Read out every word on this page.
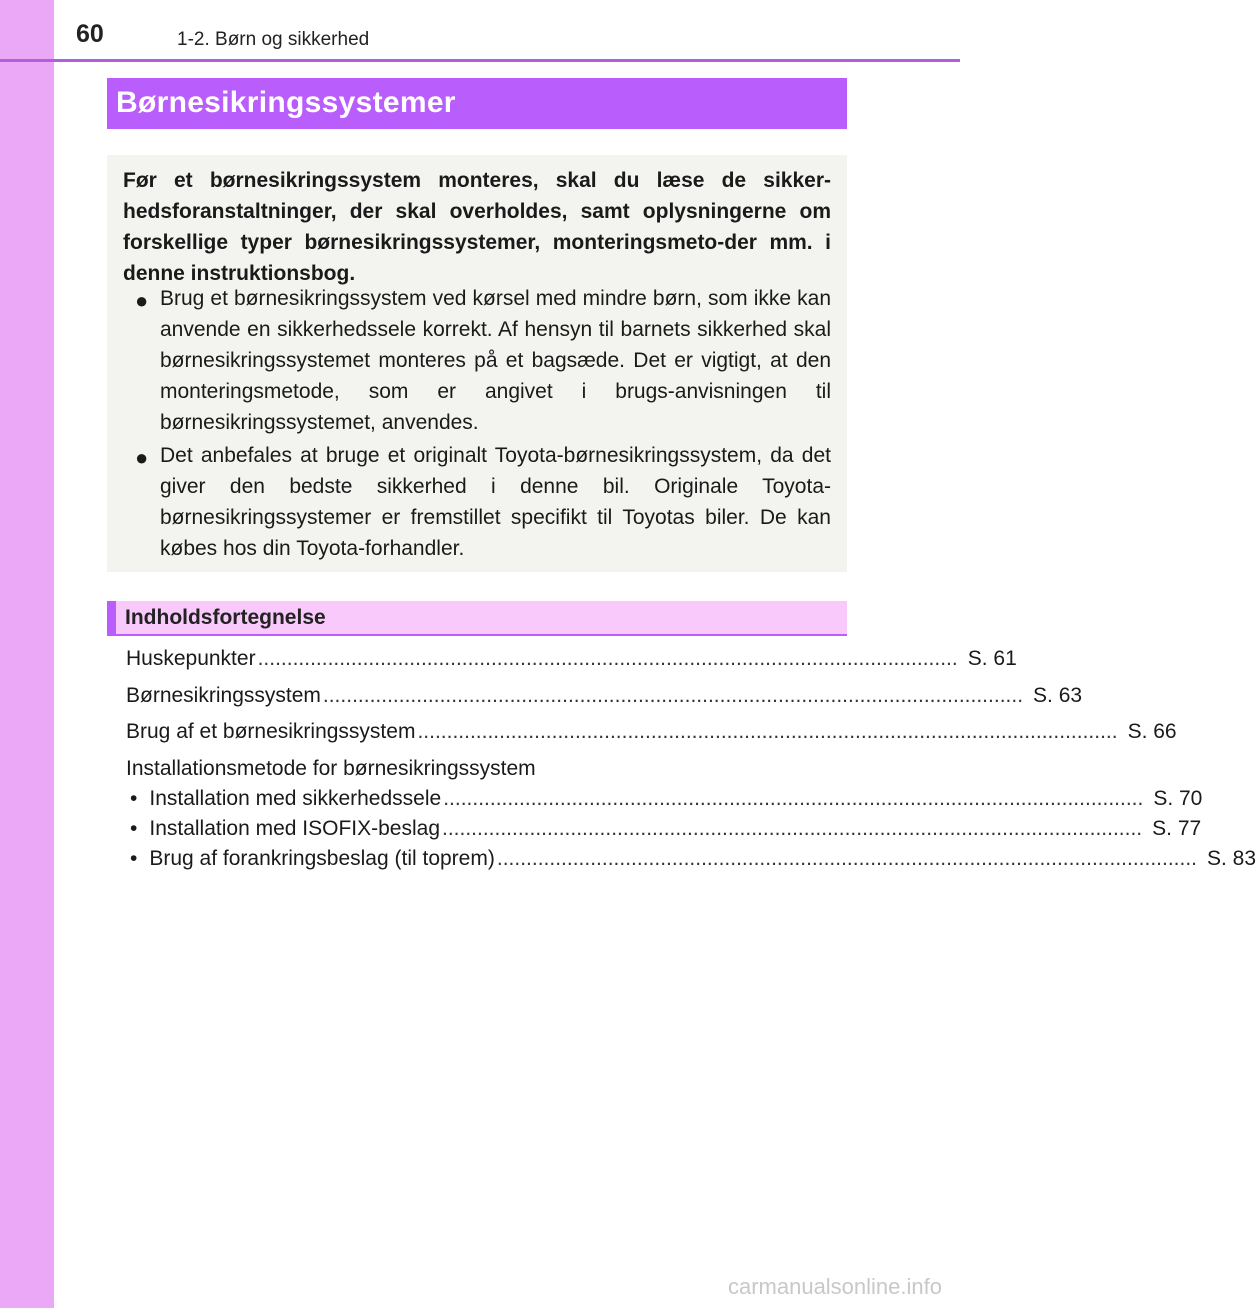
60	1-2. Børn og sikkerhed
Børnesikringssystemer
Før et børnesikringssystem monteres, skal du læse de sikker-hedsforanstaltninger, der skal overholdes, samt oplysningerne om forskellige typer børnesikringssystemer, monteringsmeto-der mm. i denne instruktionsbog.
● Brug et børnesikringssystem ved kørsel med mindre børn, som ikke kan anvende en sikkerhedssele korrekt. Af hensyn til barnets sikkerhed skal børnesikringssystemet monteres på et bagsæde. Det er vigtigt, at den monteringsmetode, som er angivet i brugs-anvisningen til børnesikringssystemet, anvendes.
● Det anbefales at bruge et originalt Toyota-børnesikringssystem, da det giver den bedste sikkerhed i denne bil. Originale Toyota-børnesikringssystemer er fremstillet specifikt til Toyotas biler. De kan købes hos din Toyota-forhandler.
Indholdsfortegnelse
Huskepunkter ........................................................................................................................ S. 61
Børnesikringssystem ........................................................................................................................ S. 63
Brug af et børnesikringssystem ........................................................................................................................ S. 66
Installationsmetode for børnesikringssystem
• Installation med sikkerhedssele ........................................................................................................................ S. 70
• Installation med ISOFIX-beslag ........................................................................................................................ S. 77
• Brug af forankringsbeslag (til toprem) ........................................................................................................................ S. 83
carmanualsonline.info
